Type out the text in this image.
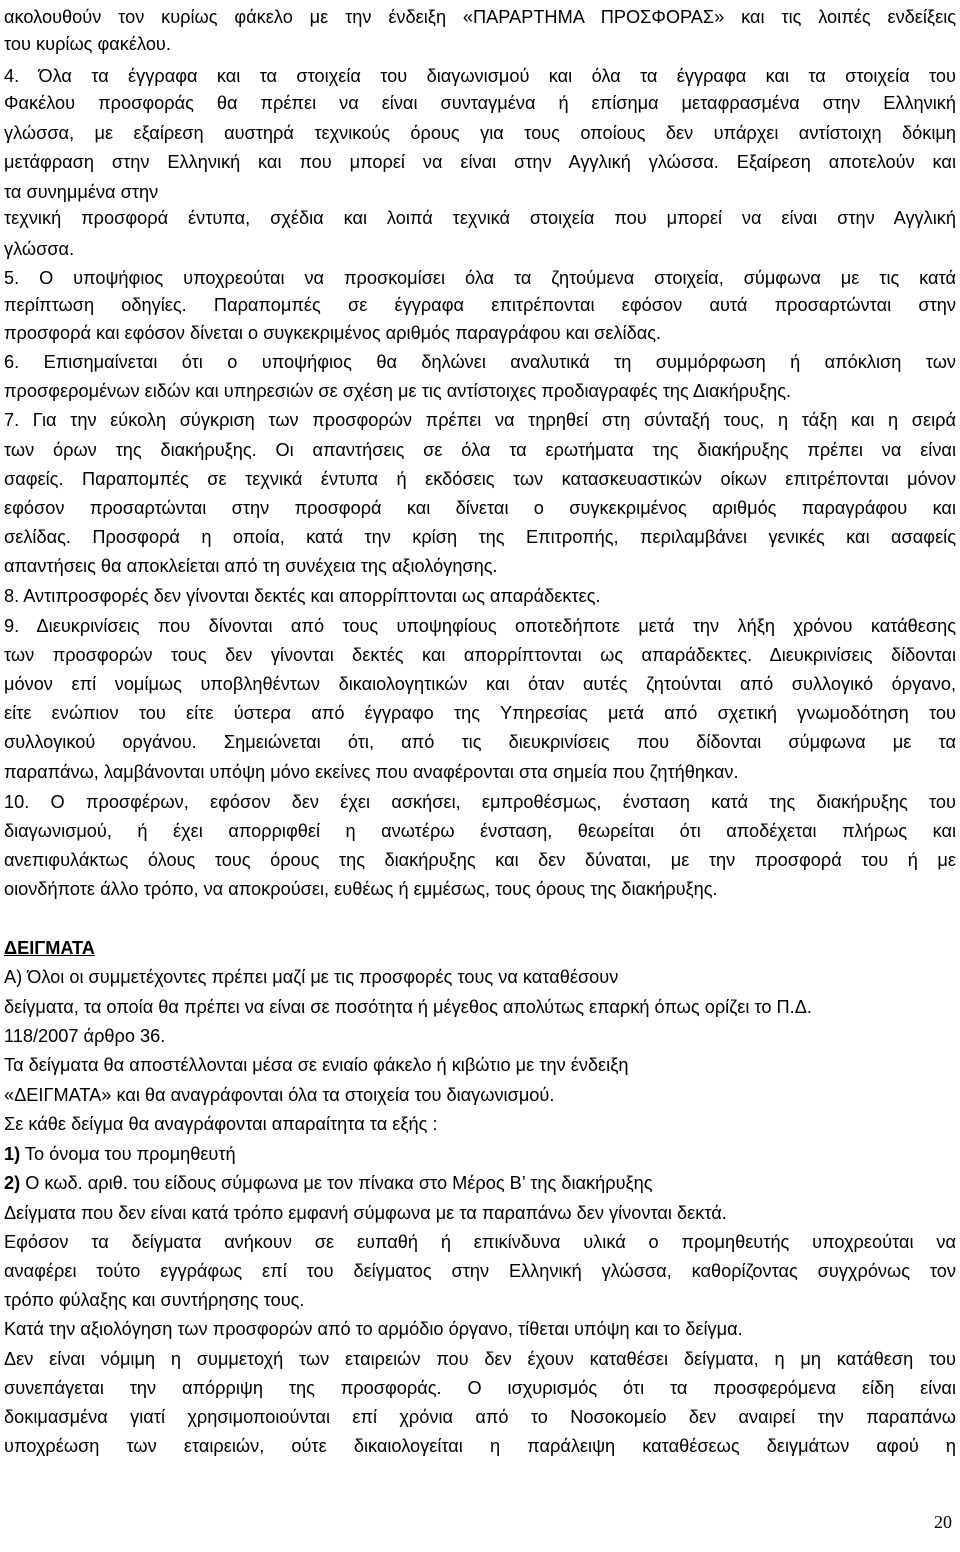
ακολουθούν τον κυρίως φάκελο με την ένδειξη «ΠΑΡΑΡΤΗΜΑ ΠΡΟΣΦΟΡΑΣ» και τις λοιπές ενδείξεις
του κυρίως φακέλου.
4. Όλα τα έγγραφα και τα στοιχεία του διαγωνισμού και όλα τα έγγραφα και τα στοιχεία του
Φακέλου προσφοράς θα πρέπει να είναι συνταγμένα ή επίσημα μεταφρασμένα στην Ελληνική
γλώσσα, με εξαίρεση αυστηρά τεχνικούς όρους για τους οποίους δεν υπάρχει αντίστοιχη δόκιμη
μετάφραση στην Ελληνική και που μπορεί να είναι στην Αγγλική γλώσσα. Εξαίρεση αποτελούν και
τα συνημμένα στην
τεχνική προσφορά έντυπα, σχέδια και λοιπά τεχνικά στοιχεία που μπορεί να είναι στην Αγγλική
γλώσσα.
5. Ο υποψήφιος υποχρεούται να προσκομίσει όλα τα ζητούμενα στοιχεία, σύμφωνα με τις κατά
περίπτωση οδηγίες. Παραπομπές σε έγγραφα επιτρέπονται εφόσον αυτά προσαρτώνται στην
προσφορά και εφόσον δίνεται ο συγκεκριμένος αριθμός παραγράφου και σελίδας.
6. Επισημαίνεται ότι ο υποψήφιος θα δηλώνει αναλυτικά τη συμμόρφωση ή απόκλιση των
προσφερομένων ειδών και υπηρεσιών σε σχέση με τις αντίστοιχες προδιαγραφές της Διακήρυξης.
7. Για την εύκολη σύγκριση των προσφορών πρέπει να τηρηθεί στη σύνταξή τους, η τάξη και η σειρά
των όρων της διακήρυξης. Οι απαντήσεις σε όλα τα ερωτήματα της διακήρυξης πρέπει να είναι
σαφείς. Παραπομπές σε τεχνικά έντυπα ή εκδόσεις των κατασκευαστικών οίκων επιτρέπονται μόνον
εφόσον προσαρτώνται στην προσφορά και δίνεται ο συγκεκριμένος αριθμός παραγράφου και
σελίδας. Προσφορά η οποία, κατά την κρίση της Επιτροπής, περιλαμβάνει γενικές και ασαφείς
απαντήσεις θα αποκλείεται από τη συνέχεια της αξιολόγησης.
8. Αντιπροσφορές δεν γίνονται δεκτές και απορρίπτονται ως απαράδεκτες.
9. Διευκρινίσεις που δίνονται από τους υποψηφίους οποτεδήποτε μετά την λήξη χρόνου κατάθεσης
των προσφορών τους δεν γίνονται δεκτές και απορρίπτονται ως απαράδεκτες. Διευκρινίσεις δίδονται
μόνον επί νομίμως υποβληθέντων δικαιολογητικών και όταν αυτές ζητούνται από συλλογικό όργανο,
είτε ενώπιον του είτε ύστερα από έγγραφο της Υπηρεσίας μετά από σχετική γνωμοδότηση του
συλλογικού οργάνου. Σημειώνεται ότι, από τις διευκρινίσεις που δίδονται σύμφωνα με τα
παραπάνω, λαμβάνονται υπόψη μόνο εκείνες που αναφέρονται στα σημεία που ζητήθηκαν.
10. Ο προσφέρων, εφόσον δεν έχει ασκήσει, εμπροθέσμως, ένσταση κατά της διακήρυξης του
διαγωνισμού, ή έχει απορριφθεί η ανωτέρω ένσταση, θεωρείται ότι αποδέχεται πλήρως και
ανεπιφυλάκτως όλους τους όρους της διακήρυξης και δεν δύναται, με την προσφορά του ή με
οιονδήποτε άλλο τρόπο, να αποκρούσει, ευθέως ή εμμέσως, τους όρους της διακήρυξης.
ΔΕΙΓΜΑΤΑ
Α) Όλοι οι συμμετέχοντες πρέπει μαζί με τις προσφορές τους να καταθέσουν
δείγματα, τα οποία θα πρέπει να είναι σε ποσότητα ή μέγεθος απολύτως επαρκή όπως ορίζει το Π.Δ.
118/2007 άρθρο 36.
Τα δείγματα θα αποστέλλονται μέσα σε ενιαίο φάκελο ή κιβώτιο με την ένδειξη
«ΔΕΙΓΜΑΤΑ» και θα αναγράφονται όλα τα στοιχεία του διαγωνισμού.
Σε κάθε δείγμα θα αναγράφονται απαραίτητα τα εξής :
1) Το όνομα του προμηθευτή
2) Ο κωδ. αριθ. του είδους σύμφωνα με τον πίνακα στο Μέρος Β’ της διακήρυξης
Δείγματα που δεν είναι κατά τρόπο εμφανή σύμφωνα με τα παραπάνω δεν γίνονται δεκτά.
Εφόσον τα δείγματα ανήκουν σε ευπαθή ή επικίνδυνα υλικά ο προμηθευτής υποχρεούται να
αναφέρει τούτο εγγράφως επί του δείγματος στην Ελληνική γλώσσα, καθορίζοντας συγχρόνως τον
τρόπο φύλαξης και συντήρησης τους.
Κατά την αξιολόγηση των προσφορών από το αρμόδιο όργανο, τίθεται υπόψη και το δείγμα.
Δεν είναι νόμιμη η συμμετοχή των εταιρειών που δεν έχουν καταθέσει δείγματα, η μη κατάθεση του
συνεπάγεται την απόρριψη της προσφοράς. Ο ισχυρισμός ότι τα προσφερόμενα είδη είναι
δοκιμασμένα γιατί χρησιμοποιούνται επί χρόνια από το Νοσοκομείο δεν αναιρεί την παραπάνω
υποχρέωση των εταιρειών, ούτε δικαιολογείται η παράλειψη καταθέσεως δειγμάτων αφού η
20
